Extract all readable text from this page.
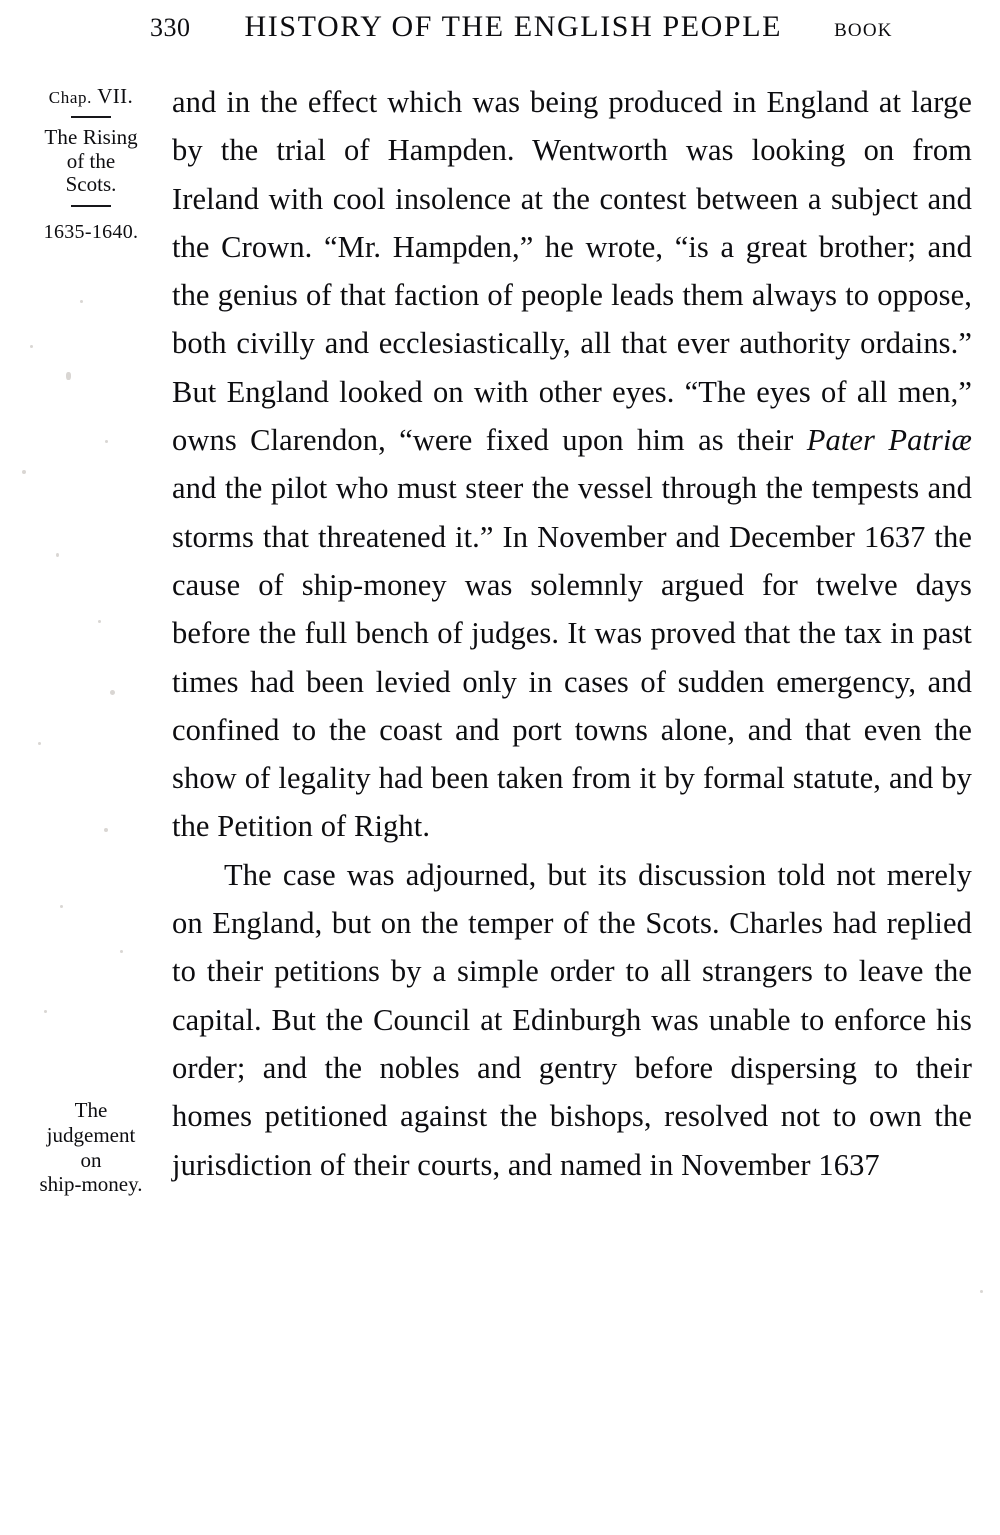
330 HISTORY OF THE ENGLISH PEOPLE	BOOK
Chap. VII.
The Rising
of the
Scots.
1635-1640.
The
judgement
on
ship-money.

and in the effect which was being produced in England at large by the trial of Hampden. Wentworth was looking on from Ireland with cool insolence at the contest between a subject and the Crown. “Mr. Hampden,” he wrote, “is a great brother; and the genius of that faction of people leads them always to oppose, both civilly and ecclesiastically, all that ever authority ordains.” But England looked on with other eyes. “The eyes of all men,” owns Clarendon, “were fixed upon him as their Pater Patriæ and the pilot who must steer the vessel through the tempests and storms that threatened it.” In November and December 1637 the cause of ship-money was solemnly argued for twelve days before the full bench of judges. It was proved that the tax in past times had been levied only in cases of sudden emergency, and confined to the coast and port towns alone, and that even the show of legality had been taken from it by formal statute, and by the Petition of Right.

The case was adjourned, but its discussion told not merely on England, but on the temper of the Scots. Charles had replied to their petitions by a simple order to all strangers to leave the capital. But the Council at Edinburgh was unable to enforce his order; and the nobles and gentry before dispersing to their homes petitioned against the bishops, resolved not to own the jurisdiction of their courts, and named in November 1637
